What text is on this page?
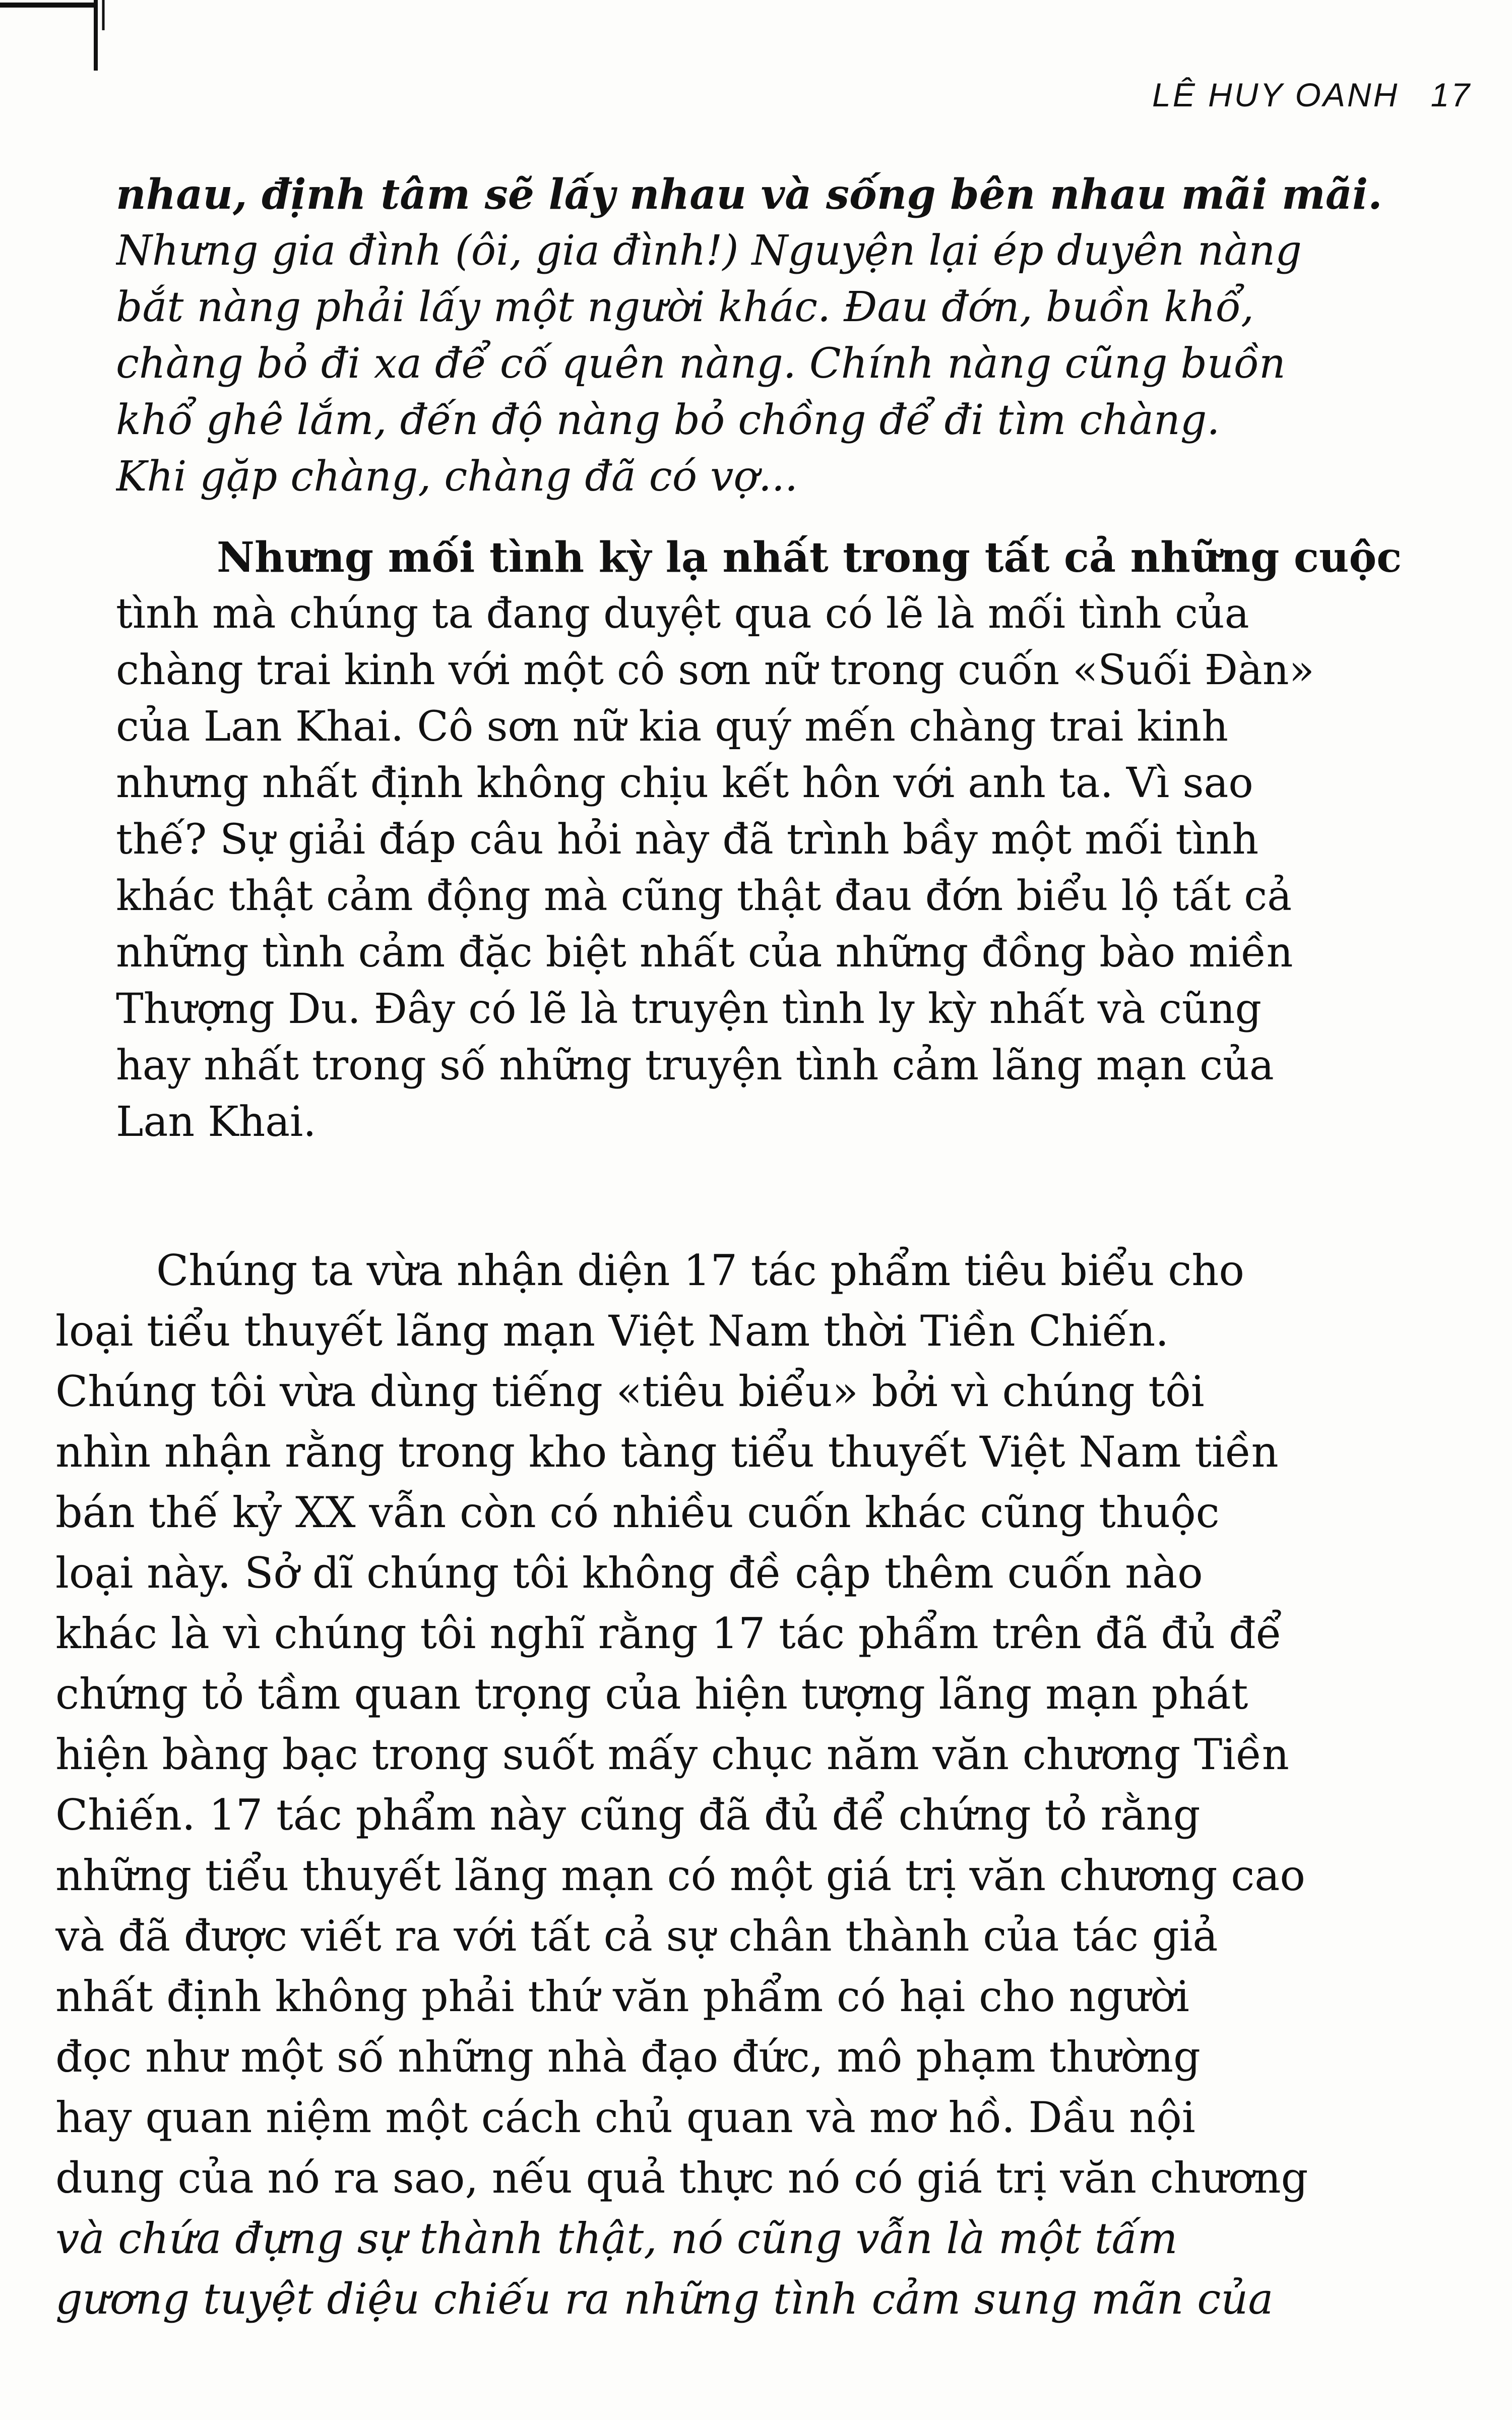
LÊ HUY OANH 17
nhau, định tâm sẽ lấy nhau và sống bên nhau mãi mãi.
Nhưng gia đình (ôi, gia đình!) Nguyện lại ép duyên nàng
bắt nàng phải lấy một người khác. Đau đớn, buồn khổ,
chàng bỏ đi xa để cố quên nàng. Chính nàng cũng buồn
khổ ghê lắm, đến độ nàng bỏ chồng để đi tìm chàng.
Khi gặp chàng, chàng đã có vợ...
Nhưng mối tình kỳ lạ nhất trong tất cả những cuộc
tình mà chúng ta đang duyệt qua có lẽ là mối tình của
chàng trai kinh với một cô sơn nữ trong cuốn «Suối Đàn»
của Lan Khai. Cô sơn nữ kia quý mến chàng trai kinh
nhưng nhất định không chịu kết hôn với anh ta. Vì sao
thế? Sự giải đáp câu hỏi này đã trình bầy một mối tình
khác thật cảm động mà cũng thật đau đớn biểu lộ tất cả
những tình cảm đặc biệt nhất của những đồng bào miền
Thượng Du. Đây có lẽ là truyện tình ly kỳ nhất và cũng
hay nhất trong số những truyện tình cảm lãng mạn của
Lan Khai.
Chúng ta vừa nhận diện 17 tác phẩm tiêu biểu cho
loại tiểu thuyết lãng mạn Việt Nam thời Tiền Chiến.
Chúng tôi vừa dùng tiếng «tiêu biểu» bởi vì chúng tôi
nhìn nhận rằng trong kho tàng tiểu thuyết Việt Nam tiền
bán thế kỷ XX vẫn còn có nhiều cuốn khác cũng thuộc
loại này. Sở dĩ chúng tôi không đề cập thêm cuốn nào
khác là vì chúng tôi nghĩ rằng 17 tác phẩm trên đã đủ để
chứng tỏ tầm quan trọng của hiện tượng lãng mạn phát
hiện bàng bạc trong suốt mấy chục năm văn chương Tiền
Chiến. 17 tác phẩm này cũng đã đủ để chứng tỏ rằng
những tiểu thuyết lãng mạn có một giá trị văn chương cao
và đã được viết ra với tất cả sự chân thành của tác giả
nhất định không phải thứ văn phẩm có hại cho người
đọc như một số những nhà đạo đức, mô phạm thường
hay quan niệm một cách chủ quan và mơ hồ. Dầu nội
dung của nó ra sao, nếu quả thực nó có giá trị văn chương
và chứa đựng sự thành thật, nó cũng vẫn là một tấm
gương tuyệt diệu chiếu ra những tình cảm sung mãn của
